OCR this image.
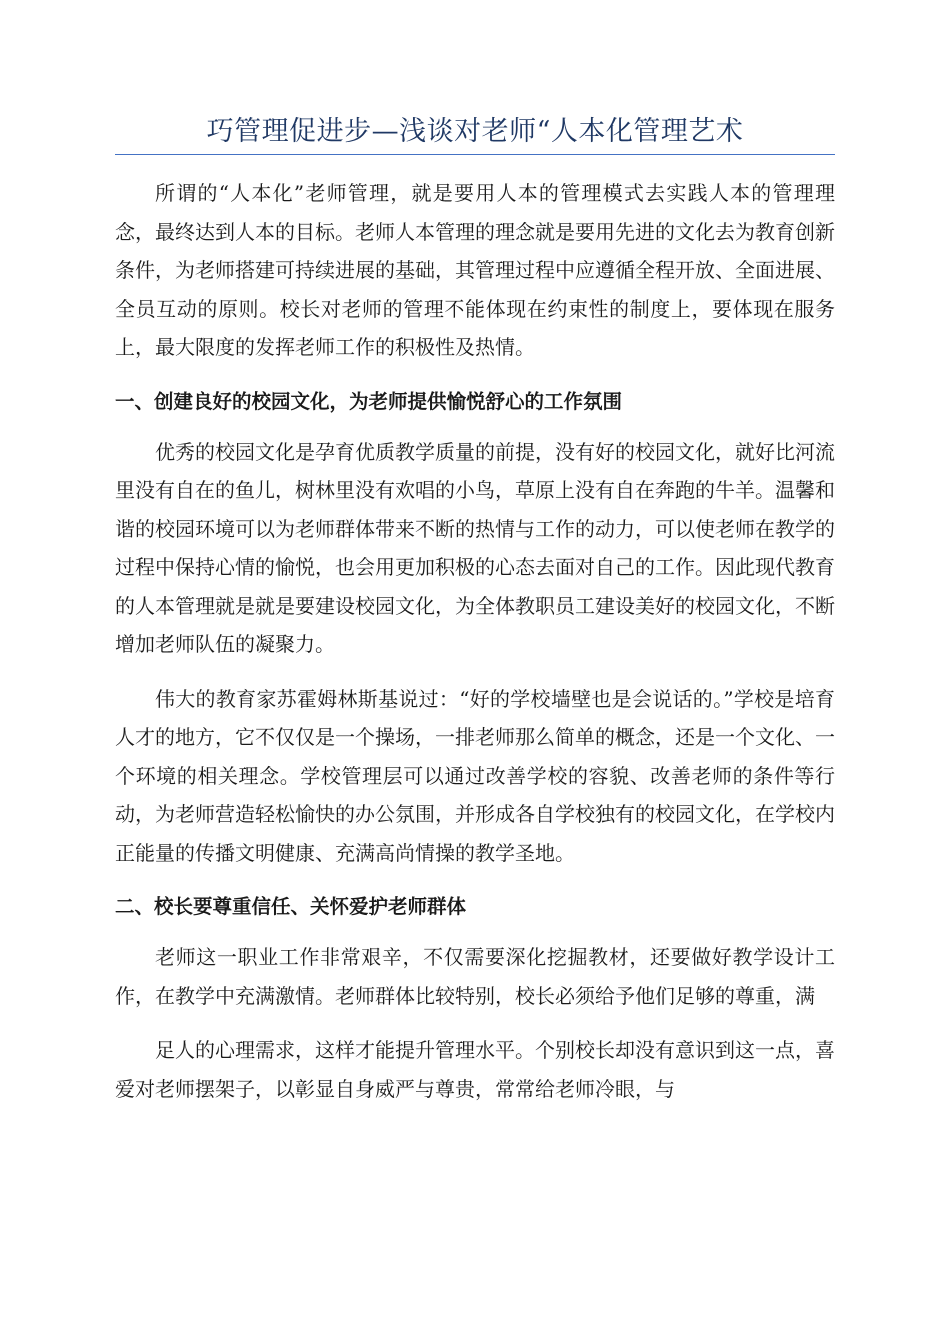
巧管理促进步—浅谈对老师“人本化管理艺术

所谓的“人本化”老师管理，就是要用人本的管理模式去实践人本的管理理念，最终达到人本的目标。老师人本管理的理念就是要用先进的文化去为教育创新条件，为老师搭建可持续进展的基础，其管理过程中应遵循全程开放、全面进展、全员互动的原则。校长对老师的管理不能体现在约束性的制度上，要体现在服务上，最大限度的发挥老师工作的积极性及热情。

一、创建良好的校园文化，为老师提供愉悦舒心的工作氛围

优秀的校园文化是孕育优质教学质量的前提，没有好的校园文化，就好比河流里没有自在的鱼儿，树林里没有欢唱的小鸟，草原上没有自在奔跑的牛羊。温馨和谐的校园环境可以为老师群体带来不断的热情与工作的动力，可以使老师在教学的过程中保持心情的愉悦，也会用更加积极的心态去面对自己的工作。因此现代教育的人本管理就是就是要建设校园文化，为全体教职员工建设美好的校园文化，不断增加老师队伍的凝聚力。

伟大的教育家苏霍姆林斯基说过：“好的学校墙壁也是会说话的。”学校是培育人才的地方，它不仅仅是一个操场，一排老师那么简单的概念，还是一个文化、一个环境的相关理念。学校管理层可以通过改善学校的容貌、改善老师的条件等行动，为老师营造轻松愉快的办公氛围，并形成各自学校独有的校园文化，在学校内正能量的传播文明健康、充满高尚情操的教学圣地。

二、校长要尊重信任、关怀爱护老师群体

老师这一职业工作非常艰辛，不仅需要深化挖掘教材，还要做好教学设计工作，在教学中充满激情。老师群体比较特别，校长必须给予他们足够的尊重，满

足人的心理需求，这样才能提升管理水平。个别校长却没有意识到这一点，喜爱对老师摆架子，以彰显自身威严与尊贵，常常给老师冷眼，与
